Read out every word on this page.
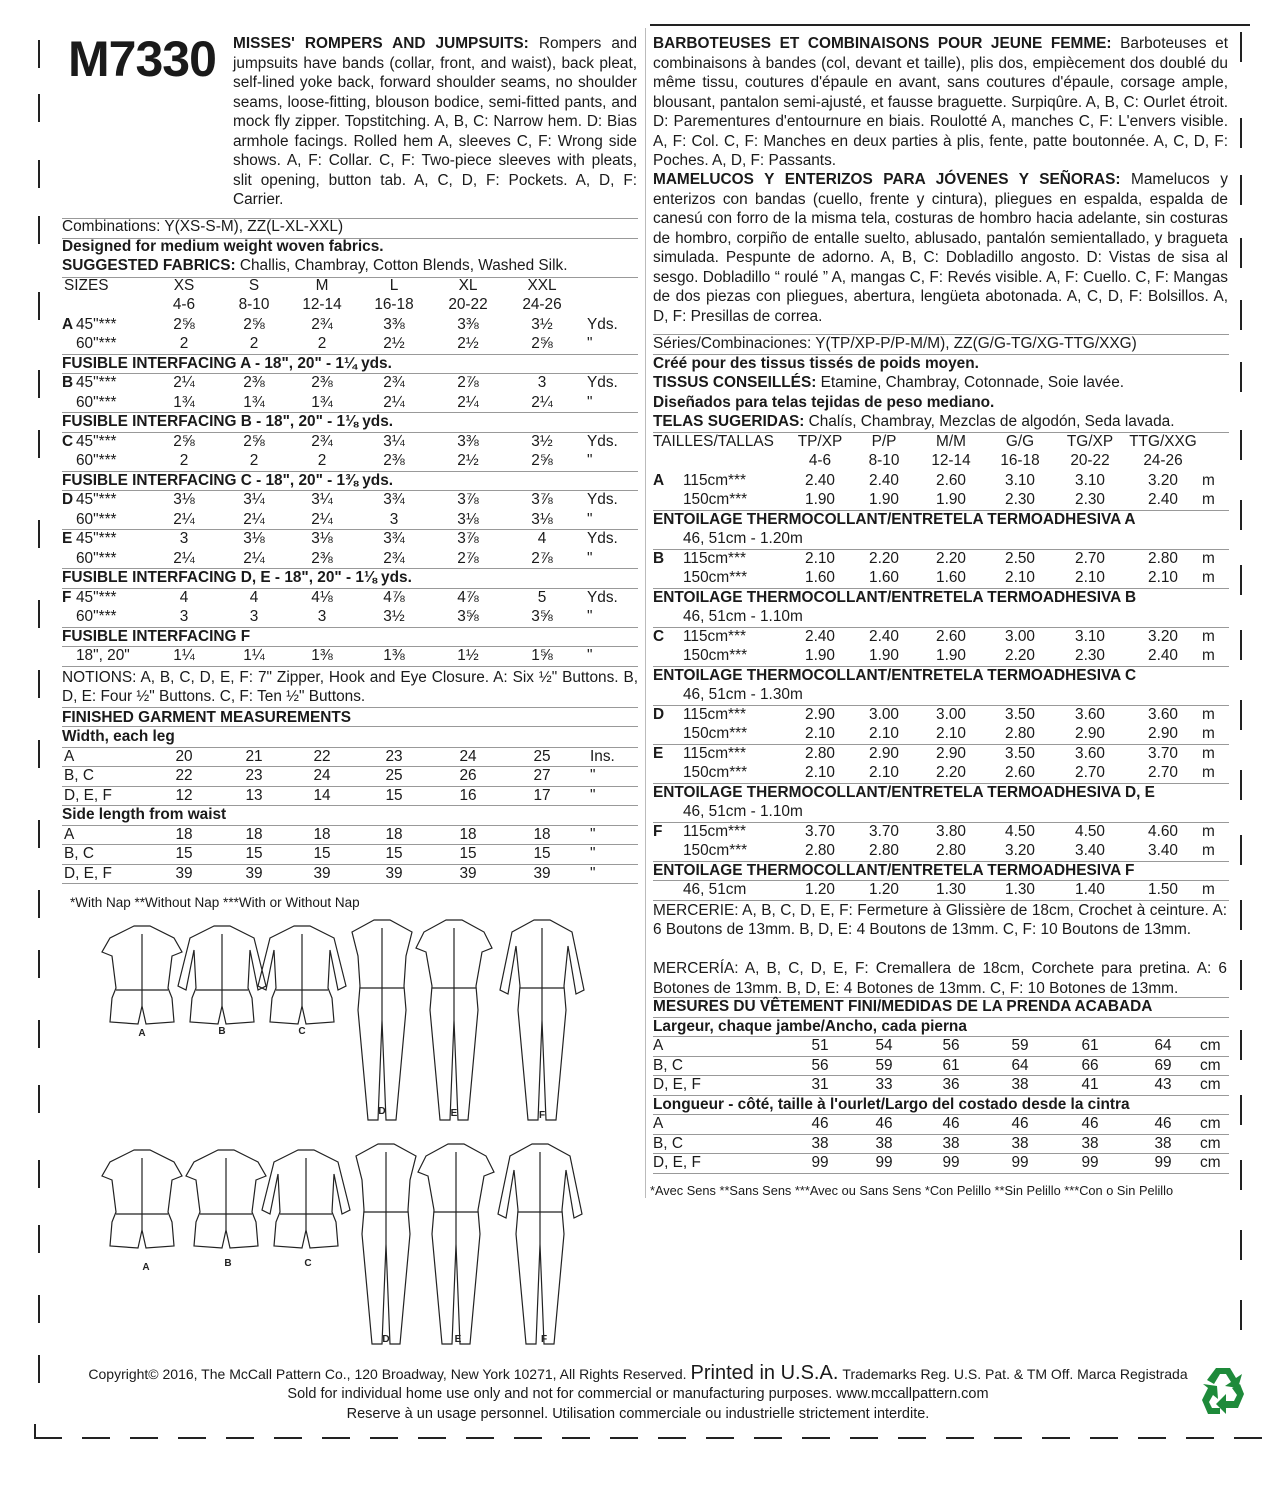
M7330 MISSES' ROMPERS AND JUMPSUITS: Rompers and jumpsuits have bands (collar, front, and waist), back pleat, self-lined yoke back, forward shoulder seams, no shoulder seams, loose-fitting, blouson bodice, semi-fitted pants, and mock fly zipper. Topstitching. A, B, C: Narrow hem. D: Bias armhole facings. Rolled hem A, sleeves C, F: Wrong side shows. A, F: Collar. C, F: Two-piece sleeves with pleats, slit opening, button tab. A, C, D, F: Pockets. A, D, F: Carrier.
BARBOTEUSES ET COMBINAISONS POUR JEUNE FEMME: Barboteuses et combinaisons à bandes (col, devant et taille), plis dos, empiècement dos doublé du même tissu, coutures d'épaule en avant, sans coutures d'épaule, corsage ample, blousant, pantalon semi-ajusté, et fausse braguette. Surpiqûre. A, B, C: Ourlet étroit. D: Parementures d'entournure en biais. Roulotté A, manches C, F: L'envers visible. A, F: Col. C, F: Manches en deux parties à plis, fente, patte boutonnée. A, C, D, F: Poches. A, D, F: Passants.
MAMELUCOS Y ENTERIZOS PARA JÓVENES Y SEÑORAS: Mamelucos y enterizos con bandas (cuello, frente y cintura), pliegues en espalda, espalda de canesú con forro de la misma tela, costuras de hombro hacia adelante, sin costuras de hombro, corpiño de entalle suelto, ablusado, pantalón semientallado, y bragueta simulada. Pespunte de adorno. A, B, C: Dobladillo angosto. D: Vistas de sisa al sesgo. Dobladillo “ roulé ” A, mangas C, F: Revés visible. A, F: Cuello. C, F: Mangas de dos piezas con pliegues, abertura, lengüeta abotonada. A, C, D, F: Bolsillos. A, D, F: Presillas de correa.
Combinations: Y(XS-S-M), ZZ(L-XL-XXL)
Designed for medium weight woven fabrics.
SUGGESTED FABRICS: Challis, Chambray, Cotton Blends, Washed Silk.
SIZES	XS	S	M	L	XL	XXL
4-6	8-10	12-14	16-18	20-22	24-26
A 45"***	2⅝	2⅝	2¾	3⅜	3⅜	3½	Yds.
60"***	2	2	2	2½	2½	2⅝	"
FUSIBLE INTERFACING A - 18", 20" - 1¼ yds.
B 45"***	2¼	2⅜	2⅜	2¾	2⅞	3	Yds.
60"***	1¾	1¾	1¾	2¼	2¼	2¼	"
FUSIBLE INTERFACING B - 18", 20" - 1⅛ yds.
C 45"***	2⅝	2⅝	2¾	3¼	3⅜	3½	Yds.
60"***	2	2	2	2⅜	2½	2⅝	"
FUSIBLE INTERFACING C - 18", 20" - 1⅜ yds.
D 45"***	3⅛	3¼	3¼	3¾	3⅞	3⅞	Yds.
60"***	2¼	2¼	2¼	3	3⅛	3⅛	"
E 45"***	3	3⅛	3⅛	3¾	3⅞	4	Yds.
60"***	2¼	2¼	2⅜	2¾	2⅞	2⅞	"
FUSIBLE INTERFACING D, E - 18", 20" - 1⅛ yds.
F 45"***	4	4	4⅛	4⅞	4⅞	5	Yds.
60"***	3	3	3	3½	3⅝	3⅝	"
FUSIBLE INTERFACING F
18", 20"	1¼	1¼	1⅜	1⅜	1½	1⅝	"
NOTIONS: A, B, C, D, E, F: 7" Zipper, Hook and Eye Closure. A: Six ½" Buttons. B, D, E: Four ½" Buttons. C, F: Ten ½" Buttons.
FINISHED GARMENT MEASUREMENTS
Width, each leg
A	20	21	22	23	24	25	Ins.
B, C	22	23	24	25	26	27	"
D, E, F	12	13	14	15	16	17	"
Side length from waist
A	18	18	18	18	18	18	"
B, C	15	15	15	15	15	15	"
D, E, F	39	39	39	39	39	39	"
*With Nap **Without Nap ***With or Without Nap
Séries/Combinaciones: Y(TP/XP-P/P-M/M), ZZ(G/G-TG/XG-TTG/XXG)
Créé pour des tissus tissés de poids moyen.
TISSUS CONSEILLÉS: Etamine, Chambray, Cotonnade, Soie lavée.
Diseñados para telas tejidas de peso mediano.
TELAS SUGERIDAS: Chalís, Chambray, Mezclas de algodón, Seda lavada.
TAILLES/TALLAS	TP/XP	P/P	M/M	G/G	TG/XP	TTG/XXG
4-6	8-10	12-14	16-18	20-22	24-26
A 115cm***	2.40	2.40	2.60	3.10	3.10	3.20	m
150cm***	1.90	1.90	1.90	2.30	2.30	2.40	m
ENTOILAGE THERMOCOLLANT/ENTRETELA TERMOADHESIVA A
46, 51cm - 1.20m
B 115cm***	2.10	2.20	2.20	2.50	2.70	2.80	m
150cm***	1.60	1.60	1.60	2.10	2.10	2.10	m
ENTOILAGE THERMOCOLLANT/ENTRETELA TERMOADHESIVA B
46, 51cm - 1.10m
C 115cm***	2.40	2.40	2.60	3.00	3.10	3.20	m
150cm***	1.90	1.90	1.90	2.20	2.30	2.40	m
ENTOILAGE THERMOCOLLANT/ENTRETELA TERMOADHESIVA C
46, 51cm - 1.30m
D 115cm***	2.90	3.00	3.00	3.50	3.60	3.60	m
150cm***	2.10	2.10	2.10	2.80	2.90	2.90	m
E 115cm***	2.80	2.90	2.90	3.50	3.60	3.70	m
150cm***	2.10	2.10	2.20	2.60	2.70	2.70	m
ENTOILAGE THERMOCOLLANT/ENTRETELA TERMOADHESIVA D, E
46, 51cm - 1.10m
F 115cm***	3.70	3.70	3.80	4.50	4.50	4.60	m
150cm***	2.80	2.80	2.80	3.20	3.40	3.40	m
ENTOILAGE THERMOCOLLANT/ENTRETELA TERMOADHESIVA F
46, 51cm	1.20	1.20	1.30	1.30	1.40	1.50	m
MERCERIE: A, B, C, D, E, F: Fermeture à Glissière de 18cm, Crochet à ceinture. A: 6 Boutons de 13mm. B, D, E: 4 Boutons de 13mm. C, F: 10 Boutons de 13mm.
MERCERÍA: A, B, C, D, E, F: Cremallera de 18cm, Corchete para pretina. A: 6 Botones de 13mm. B, D, E: 4 Botones de 13mm. C, F: 10 Botones de 13mm.
MESURES DU VÊTEMENT FINI/MEDIDAS DE LA PRENDA ACABADA
Largeur, chaque jambe/Ancho, cada pierna
A	51	54	56	59	61	64	cm
B, C	56	59	61	64	66	69	cm
D, E, F	31	33	36	38	41	43	cm
Longueur - côté, taille à l'ourlet/Largo del costado desde la cintra
A	46	46	46	46	46	46	cm
B, C	38	38	38	38	38	38	cm
D, E, F	99	99	99	99	99	99	cm
*Avec Sens **Sans Sens ***Avec ou Sans Sens *Con Pelillo **Sin Pelillo ***Con o Sin Pelillo
A	B	C
D	E	F
A	B	C
D	E	F
Copyright© 2016, The McCall Pattern Co., 120 Broadway, New York 10271, All Rights Reserved. Printed in U.S.A. Trademarks Reg. U.S. Pat. & TM Off. Marca Registrada
Sold for individual home use only and not for commercial or manufacturing purposes. www.mccallpattern.com
Reserve à un usage personnel. Utilisation commerciale ou industrielle strictement interdite.
